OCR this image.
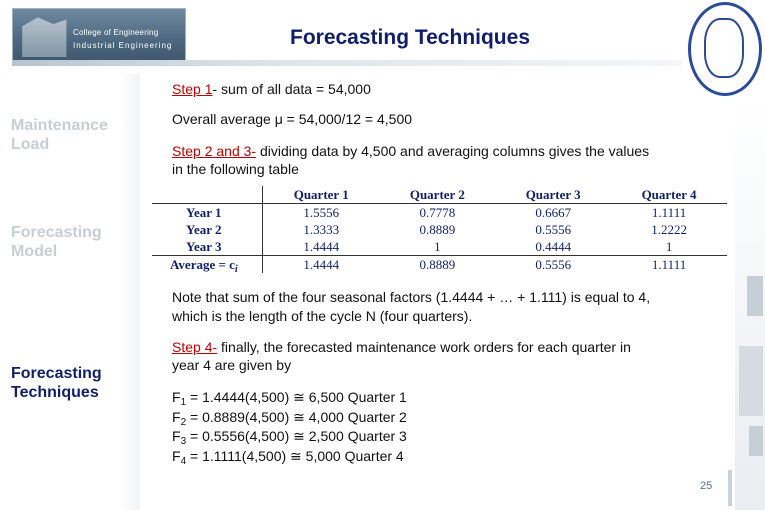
College of Engineering
Industrial Engineering	Forecasting Techniques
Maintenance
Load
Forecasting
Model
Forecasting
Techniques
Step 1- sum of all data = 54,000
Overall average μ = 54,000/12 = 4,500
Step 2 and 3- dividing data by 4,500 and averaging columns gives the values
in the following table
Note that sum of the four seasonal factors (1.4444 + … + 1.111) is equal to 4,
which is the length of the cycle N (four quarters).
Step 4- finally, the forecasted maintenance work orders for each quarter in
year 4 are given by
$F_1 = 1.4444(4,500)$ ≅ 6,500 Quarter 1
$F_2 = 0.8889(4,500)$ ≅ 4,000 Quarter 2
$F_3 = 0.5556(4,500)$ ≅ 2,500 Quarter 3
$F_4 = 1.1111(4,500)$ ≅ 5,000 Quarter 4
	Quarter 1	Quarter 2	Quarter 3	Quarter 4
Year 1	1.5556	0.7778	0.6667	1.1111
Year 2	1.3333	0.8889	0.5556	1.2222
Year 3	1.4444	1	0.4444	1
Average = $c_i$	1.4444	0.8889	0.5556	1.1111
25
